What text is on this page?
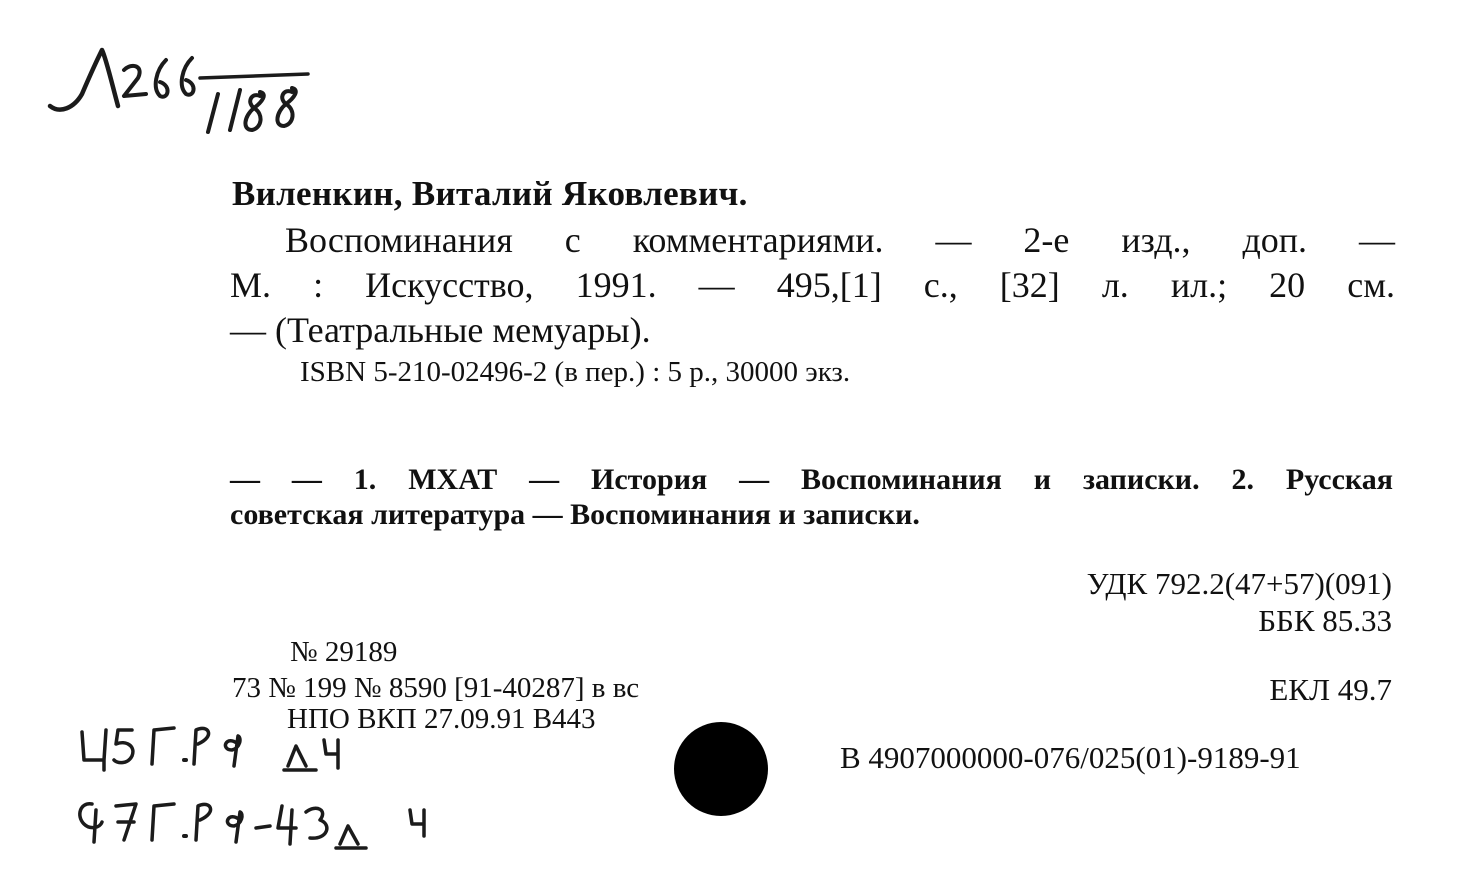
Виленкин, Виталий Яковлевич.
Воспоминания с комментариями. — 2-е изд., доп. —
М. : Искусство, 1991. — 495,[1] с., [32] л. ил.; 20 см.
— (Театральные мемуары).
ISBN 5-210-02496-2 (в пер.) : 5 р., 30000 экз.
— — 1. МХАТ — История — Воспоминания и записки. 2. Русская
советская литература — Воспоминания и записки.
УДК 792.2(47+57)(091)
ББК 85.33
ЕКЛ 49.7
№ 29189
73 № 199 № 8590 [91-40287] в вс
НПО ВКП 27.09.91 В443
В 4907000000-076/025(01)-9189-91
